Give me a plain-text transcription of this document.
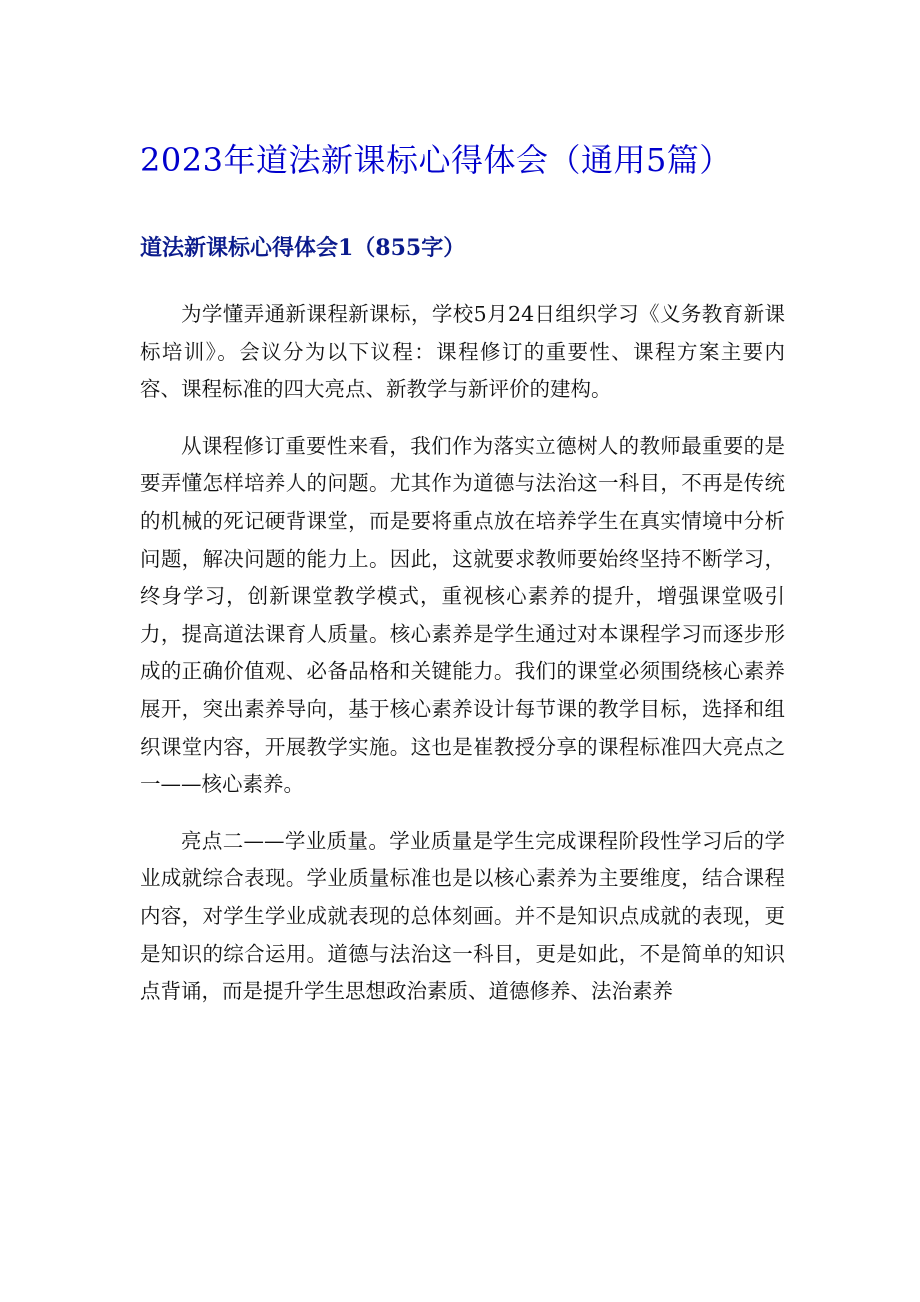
2023年道法新课标心得体会（通用5篇）
道法新课标心得体会1（855字）

为学懂弄通新课程新课标，学校5月24日组织学习《义务教育新课标培训》。会议分为以下议程：课程修订的重要性、课程方案主要内容、课程标准的四大亮点、新教学与新评价的建构。

从课程修订重要性来看，我们作为落实立德树人的教师最重要的是要弄懂怎样培养人的问题。尤其作为道德与法治这一科目，不再是传统的机械的死记硬背课堂，而是要将重点放在培养学生在真实情境中分析问题，解决问题的能力上。因此，这就要求教师要始终坚持不断学习，终身学习，创新课堂教学模式，重视核心素养的提升，增强课堂吸引力，提高道法课育人质量。核心素养是学生通过对本课程学习而逐步形成的正确价值观、必备品格和关键能力。我们的课堂必须围绕核心素养展开，突出素养导向，基于核心素养设计每节课的教学目标，选择和组织课堂内容，开展教学实施。这也是崔教授分享的课程标准四大亮点之一——核心素养。

亮点二——学业质量。学业质量是学生完成课程阶段性学习后的学业成就综合表现。学业质量标准也是以核心素养为主要维度，结合课程内容，对学生学业成就表现的总体刻画。并不是知识点成就的表现，更是知识的综合运用。道德与法治这一科目，更是如此，不是简单的知识点背诵，而是提升学生思想政治素质、道德修养、法治素养
